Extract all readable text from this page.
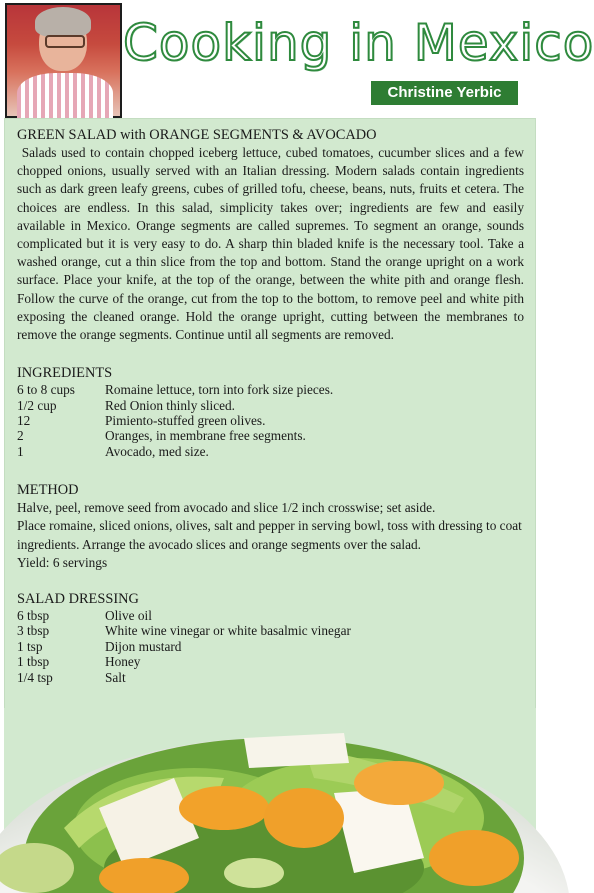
Cooking in Mexico
Christine Yerbic

GREEN SALAD with ORANGE SEGMENTS & AVOCADO

Salads used to contain chopped iceberg lettuce, cubed tomatoes, cucumber slices and a few chopped onions, usually served with an Italian dressing. Modern salads contain ingredients such as dark green leafy greens, cubes of grilled tofu, cheese, beans, nuts, fruits et cetera. The choices are endless. In this salad, simplicity takes over; ingredients are few and easily available in Mexico. Orange segments are called supremes. To segment an orange, sounds complicated but it is very easy to do. A sharp thin bladed knife is the necessary tool. Take a washed orange, cut a thin slice from the top and bottom. Stand the orange upright on a work surface. Place your knife, at the top of the orange, between the white pith and orange flesh. Follow the curve of the orange, cut from the top to the bottom, to remove peel and white pith exposing the cleaned orange. Hold the orange upright, cutting between the membranes to remove the orange segments. Continue until all segments are removed.

INGREDIENTS

6 to 8 cups	Romaine lettuce, torn into fork size pieces.
1/2 cup	Red Onion thinly sliced.
12	Pimiento-stuffed green olives.
2	Oranges, in membrane free segments.
1	Avocado, med size.

METHOD

Halve, peel, remove seed from avocado and slice 1/2 inch crosswise; set aside.

Place romaine, sliced onions, olives, salt and pepper in serving bowl, toss with dressing to coat ingredients. Arrange the avocado slices and orange segments over the salad.

Yield: 6 servings

SALAD DRESSING

6 tbsp	Olive oil
3 tbsp	White wine vinegar or white basalmic vinegar
1 tsp	Dijon mustard
1 tbsp	Honey
1/4 tsp	Salt
